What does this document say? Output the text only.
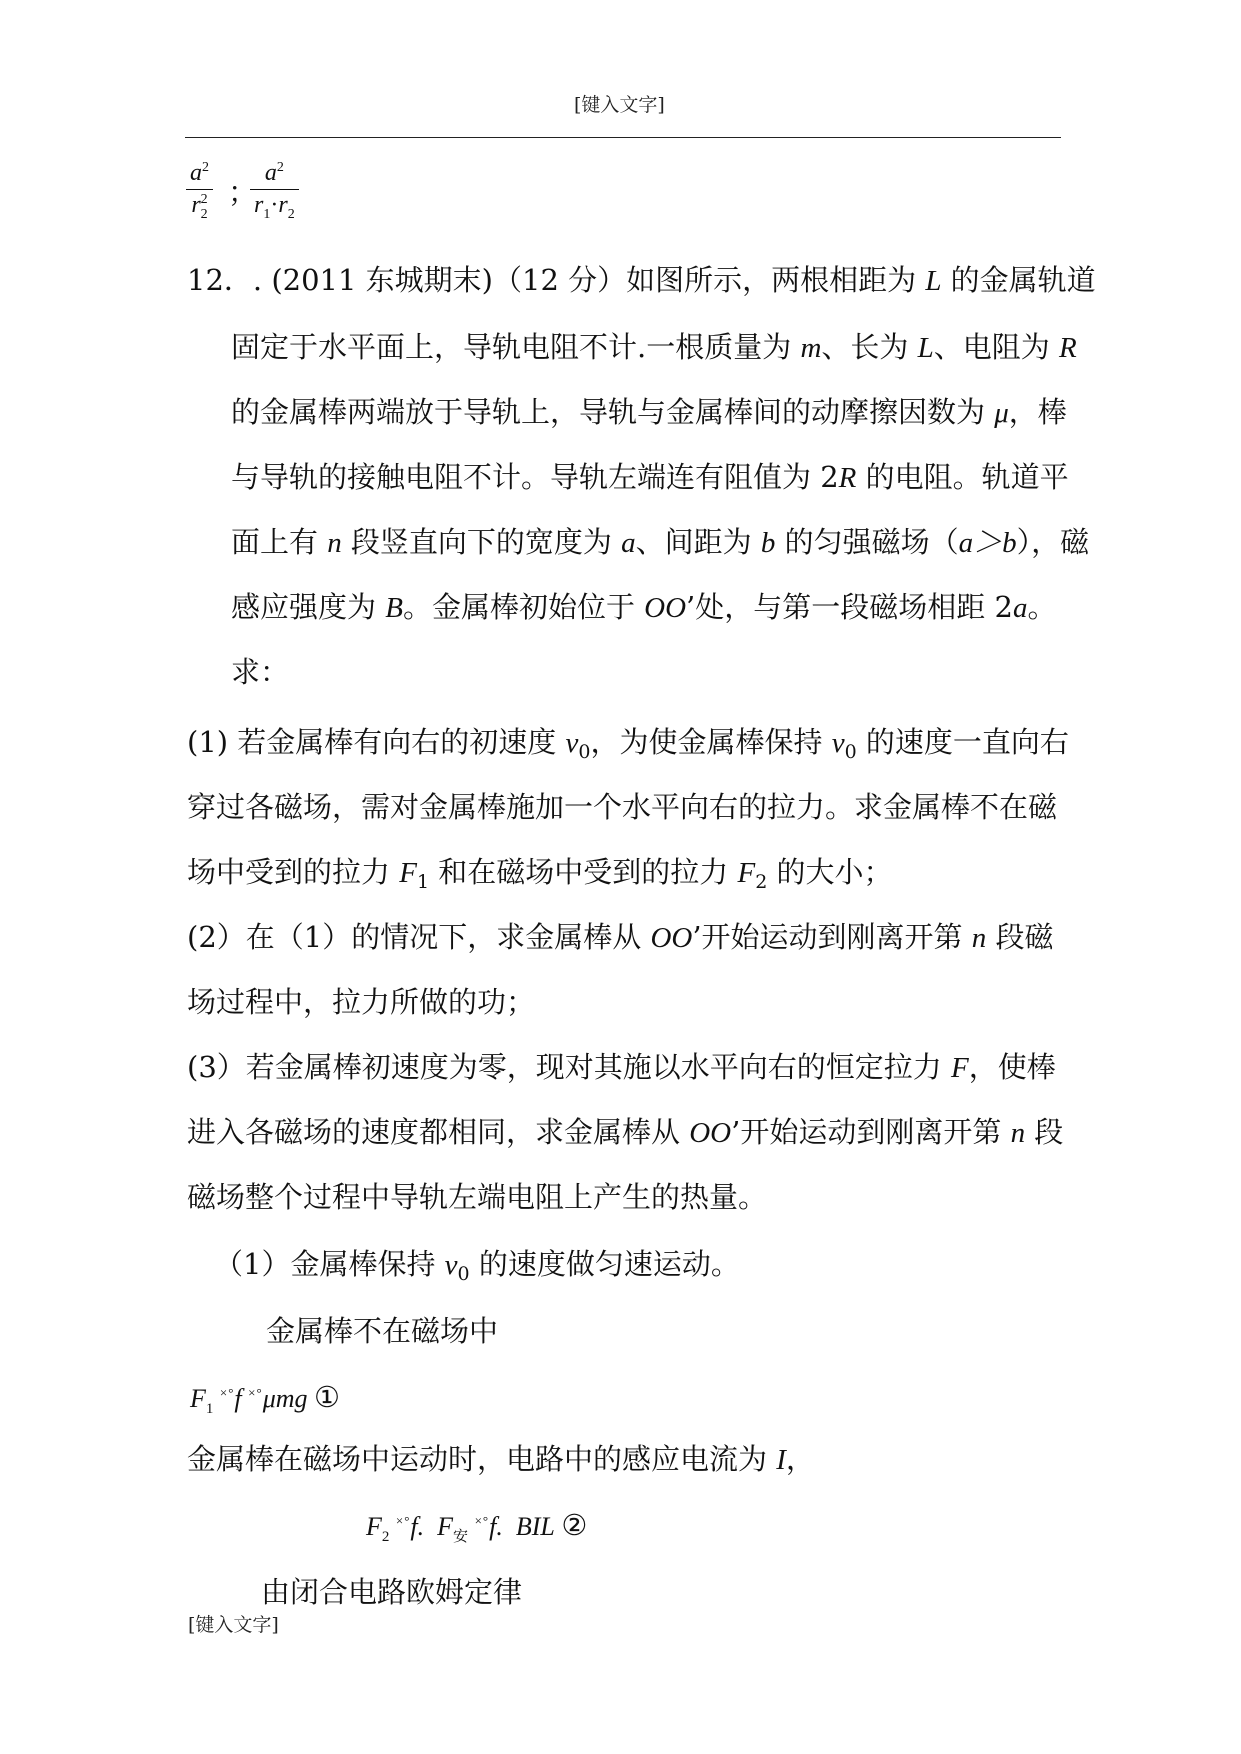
[键入文字]
$a^2$
$r_2^2$ ；
$a^2$
$r_1\cdot r_2$
12．. (2011 东城期末)（12 分）如图所示，两根相距为 L 的金属轨道
固定于水平面上，导轨电阻不计.一根质量为 m、长为 L、电阻为 R
的金属棒两端放于导轨上，导轨与金属棒间的动摩擦因数为 μ，棒
与导轨的接触电阻不计。导轨左端连有阻值为 2R 的电阻。轨道平
面上有 n 段竖直向下的宽度为 a、间距为 b 的匀强磁场（a＞b），磁
感应强度为 B。金属棒初始位于 OO’处，与第一段磁场相距 2a。
求：
(1) 若金属棒有向右的初速度 $v_0$，为使金属棒保持 $v_0$ 的速度一直向右
穿过各磁场，需对金属棒施加一个水平向右的拉力。求金属棒不在磁
场中受到的拉力 $F_1$ 和在磁场中受到的拉力 $F_2$ 的大小；
(2）在（1）的情况下，求金属棒从 OO’开始运动到刚离开第 n 段磁
场过程中，拉力所做的功；
(3）若金属棒初速度为零，现对其施以水平向右的恒定拉力 F，使棒
进入各磁场的速度都相同，求金属棒从 OO’开始运动到刚离开第 n 段
磁场整个过程中导轨左端电阻上产生的热量。
（1）金属棒保持 $v_0$ 的速度做匀速运动。
金属棒不在磁场中
$F_1$ ×°f ×°μmg ①
金属棒在磁场中运动时，电路中的感应电流为 I，
$F_2$ ×°f. $F_安$ ×°f. BIL ②
由闭合电路欧姆定律
[键入文字]
